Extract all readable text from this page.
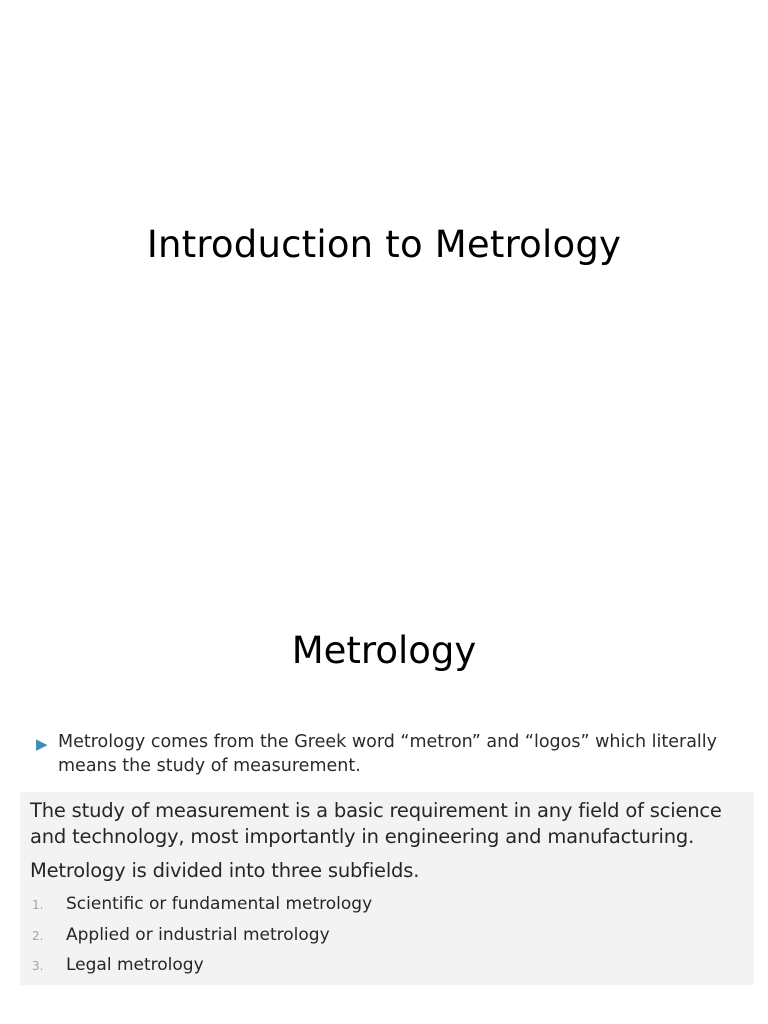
Introduction to Metrology
Metrology
▶ Metrology comes from the Greek word “metron” and “logos” which literally means the study of measurement.
The study of measurement is a basic requirement in any field of science and technology, most importantly in engineering and manufacturing.
Metrology is divided into three subfields.
1. Scientific or fundamental metrology
2. Applied or industrial metrology
3. Legal metrology
